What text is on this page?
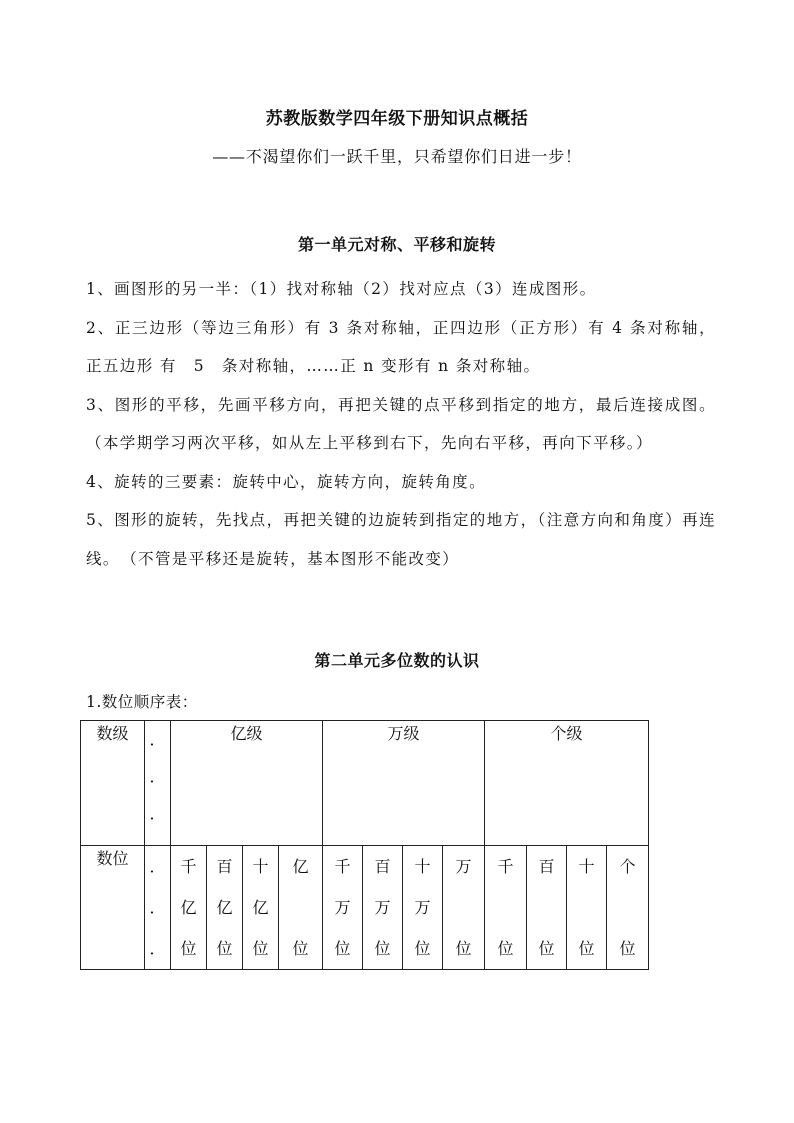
苏教版数学四年级下册知识点概括
——不渴望你们一跃千里，只希望你们日进一步！
第一单元对称、平移和旋转

1、画图形的另一半：（1）找对称轴（2）找对应点（3）连成图形。

2、正三边形（等边三角形）有 3 条对称轴，正四边形（正方形）有 4 条对称轴，正五边形 有　5　条对称轴，……正 n 变形有 n 条对称轴。

3、图形的平移，先画平移方向，再把关键的点平移到指定的地方，最后连接成图。（本学期学习两次平移，如从左上平移到右下，先向右平移，再向下平移。）

4、旋转的三要素：旋转中心，旋转方向，旋转角度。

5、图形的旋转，先找点，再把关键的边旋转到指定的地方，（注意方向和角度）再连线。　（不管是平移还是旋转，基本图形不能改变）

第二单元多位数的认识
1.数位顺序表：
数级	．
．
．	亿级				万级				个级			
数位	．
．
．	千
亿
位	百
亿
位	十
亿
位	亿

位	千
万
位	百
万
位	十
万
位	万

位	千

位	百

位	十

位	个

位
